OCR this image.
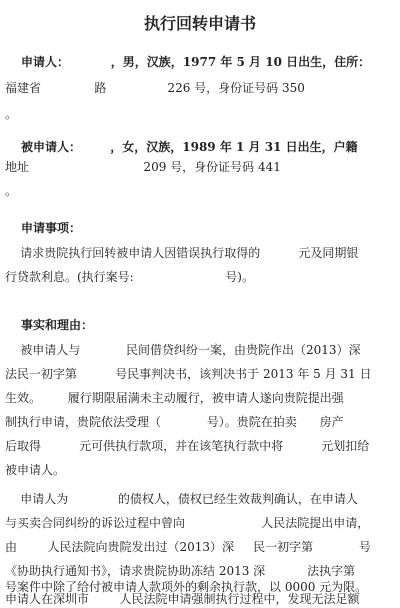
执行回转申请书
申请人：          ，男，汉族，1977 年 5 月 10 日出生，住所：
福建省              路                226 号，身份证号码 350
。
被申请人：       ，女，汉族，1989 年 1 月 31 日出生，户籍
地址                              209 号，身份证号码 441
。
申请事项：
请求贵院执行回转被申请人因错误执行取得的          元及同期银
行贷款利息。(执行案号:                        号)。
事实和理由：
被申请人与            民间借贷纠纷一案，由贵院作出（2013）深
法民一初字第          号民事判决书，该判决书于 2013 年 5 月 31 日
生效。       履行期限届满未主动履行，被申请人遂向贵院提出强
制执行申请，贵院依法受理（            号）。贵院在拍卖      房产
后取得          元可供执行款项，并在该笔执行款中将          元划扣给
被申请人。
申请人为             的债权人，债权已经生效裁判确认，在申请人
与买卖合同纠纷的诉讼过程中曾向                    人民法院提出申请，
由        人民法院向贵院发出过（2013）深     民一初字第            号
《协助执行通知书》，请求贵院协助冻结 2013 深           法执字第
号案件中除了给付被申请人款项外的剩余执行款，以 0000 元为限。
申请人在深圳市        人民法院申请强制执行过程中，发现无法足额
